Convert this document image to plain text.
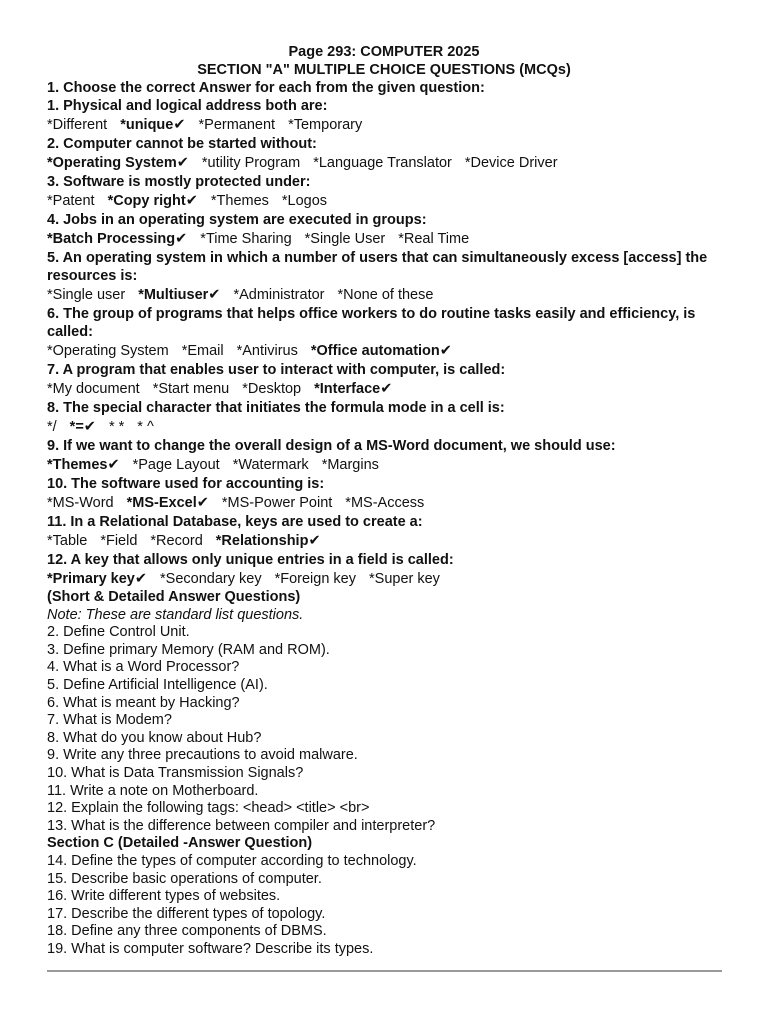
Page 293: COMPUTER 2025
SECTION "A" MULTIPLE CHOICE QUESTIONS (MCQs)
1. Choose the correct Answer for each from the given question:
1. Physical and logical address both are:
*Different *unique✔ *Permanent *Temporary
2. Computer cannot be started without:
*Operating System✔ *utility Program *Language Translator *Device Driver
3. Software is mostly protected under:
*Patent *Copy right✔ *Themes *Logos
4. Jobs in an operating system are executed in groups:
*Batch Processing✔ *Time Sharing *Single User *Real Time
5. An operating system in which a number of users that can simultaneously excess [access] the resources is:
*Single user *Multiuser✔ *Administrator *None of these
6. The group of programs that helps office workers to do routine tasks easily and efficiency, is called:
*Operating System *Email *Antivirus *Office automation✔
7. A program that enables user to interact with computer, is called:
*My document *Start menu *Desktop *Interface✔
8. The special character that initiates the formula mode in a cell is:
*/ *=✔ * * * ^
9. If we want to change the overall design of a MS-Word document, we should use:
*Themes✔ *Page Layout *Watermark *Margins
10. The software used for accounting is:
*MS-Word *MS-Excel✔ *MS-Power Point *MS-Access
11. In a Relational Database, keys are used to create a:
*Table *Field *Record *Relationship✔
12. A key that allows only unique entries in a field is called:
*Primary key✔ *Secondary key *Foreign key *Super key
(Short & Detailed Answer Questions)
Note: These are standard list questions.
2. Define Control Unit.
3. Define primary Memory (RAM and ROM).
4. What is a Word Processor?
5. Define Artificial Intelligence (AI).
6. What is meant by Hacking?
7. What is Modem?
8. What do you know about Hub?
9. Write any three precautions to avoid malware.
10. What is Data Transmission Signals?
11. Write a note on Motherboard.
12. Explain the following tags: <head> <title> <br>
13. What is the difference between compiler and interpreter?
Section C (Detailed -Answer Question)
14. Define the types of computer according to technology.
15. Describe basic operations of computer.
16. Write different types of websites.
17. Describe the different types of topology.
18. Define any three components of DBMS.
19. What is computer software? Describe its types.
